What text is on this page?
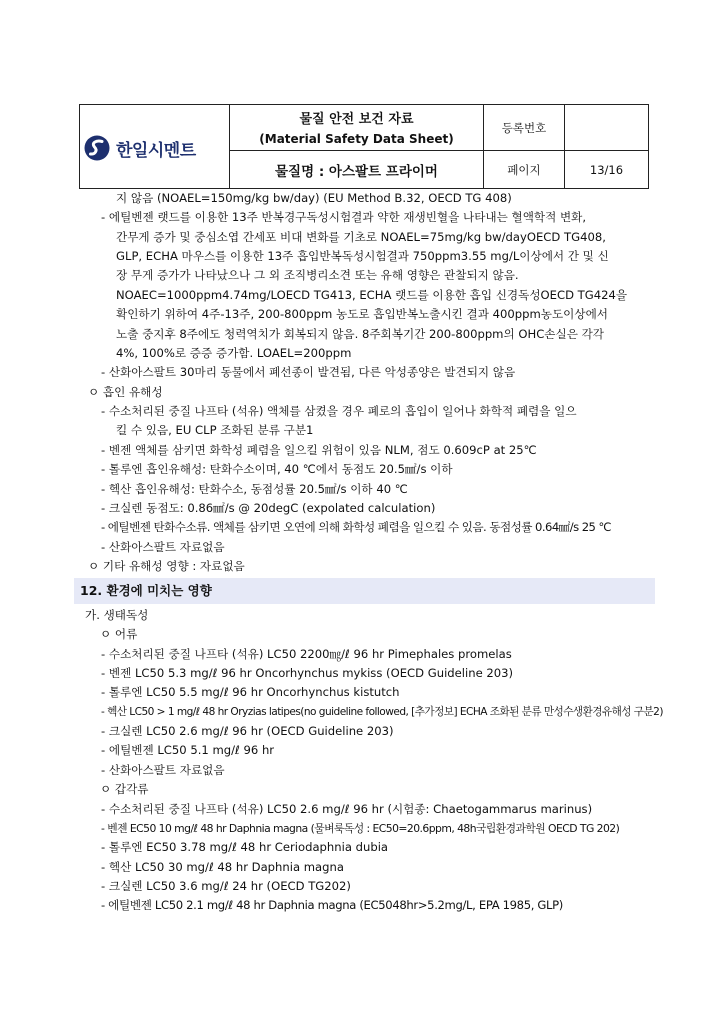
한일시멘트
물질 안전 보건 자료
(Material Safety Data Sheet)
물질명 : 아스팔트 프라이머
등록번호
페이지	13/16
지 않음 (NOAEL=150mg/kg bw/day) (EU Method B.32, OECD TG 408)
- 에틸벤젠 랫드를 이용한 13주 반복경구독성시험결과 약한 재생빈혈을 나타내는 혈액학적 변화,
간무게 증가 및 중심소엽 간세포 비대 변화를 기초로 NOAEL=75mg/kg bw/dayOECD TG408,
GLP, ECHA 마우스를 이용한 13주 흡입반복독성시험결과 750ppm3.55 mg/L이상에서 간 및 신
장 무게 증가가 나타났으나 그 외 조직병리소견 또는 유해 영향은 관찰되지 않음.
NOAEC=1000ppm4.74mg/LOECD TG413, ECHA 랫드를 이용한 흡입 신경독성OECD TG424을
확인하기 위하여 4주-13주, 200-800ppm 농도로 흡입반복노출시킨 결과 400ppm농도이상에서
노출 중지후 8주에도 청력역치가 회복되지 않음. 8주회복기간 200-800ppm의 OHC손실은 각각
4%, 100%로 증증 증가함. LOAEL=200ppm
- 산화아스팔트 30마리 동물에서 폐선종이 발견됨, 다른 악성종양은 발견되지 않음
ㅇ 흡인 유해성
- 수소처리된 중질 나프타 (석유) 액체를 삼켰을 경우 폐로의 흡입이 일어나 화학적 폐렴을 일으
킬 수 있음, EU CLP 조화된 분류 구분1
- 벤젠 액체를 삼키면 화학성 폐렴을 일으킬 위험이 있음 NLM, 점도 0.609cP at 25℃
- 톨루엔 흡인유해성: 탄화수소이며, 40 ℃에서 동점도 20.5㎟/s 이하
- 헥산 흡인유해성: 탄화수소, 동점성률 20.5㎟/s 이하 40 ℃
- 크실렌 동점도: 0.86㎟/s @ 20degC (expolated calculation)
- 에틸벤젠 탄화수소류. 액체를 삼키면 오연에 의해 화학성 폐렴을 일으킬 수 있음. 동점성률 0.64㎟/s 25 ℃
- 산화아스팔트 자료없음
ㅇ 기타 유해성 영향 : 자료없음
12. 환경에 미치는 영향
가. 생태독성
ㅇ 어류
- 수소처리된 중질 나프타 (석유) LC50 2200㎎/ℓ 96 hr Pimephales promelas
- 벤젠 LC50 5.3 mg/ℓ 96 hr Oncorhynchus mykiss (OECD Guideline 203)
- 톨루엔 LC50 5.5 mg/ℓ 96 hr Oncorhynchus kistutch
- 헥산 LC50 > 1 mg/ℓ 48 hr Oryzias latipes(no guideline followed, [추가정보] ECHA 조화된 분류 만성수생환경유해성 구분2)
- 크실렌 LC50 2.6 mg/ℓ 96 hr (OECD Guideline 203)
- 에틸벤젠 LC50 5.1 mg/ℓ 96 hr
- 산화아스팔트 자료없음
ㅇ 갑각류
- 수소처리된 중질 나프타 (석유) LC50 2.6 mg/ℓ 96 hr (시험종: Chaetogammarus marinus)
- 벤젠 EC50 10 mg/ℓ 48 hr Daphnia magna (물벼룩독성 : EC50=20.6ppm, 48h국립환경과학원 OECD TG 202)
- 톨루엔 EC50 3.78 mg/ℓ 48 hr Ceriodaphnia dubia
- 헥산 LC50 30 mg/ℓ 48 hr Daphnia magna
- 크실렌 LC50 3.6 mg/ℓ 24 hr (OECD TG202)
- 에틸벤젠 LC50 2.1 mg/ℓ 48 hr Daphnia magna (EC5048hr>5.2mg/L, EPA 1985, GLP)
